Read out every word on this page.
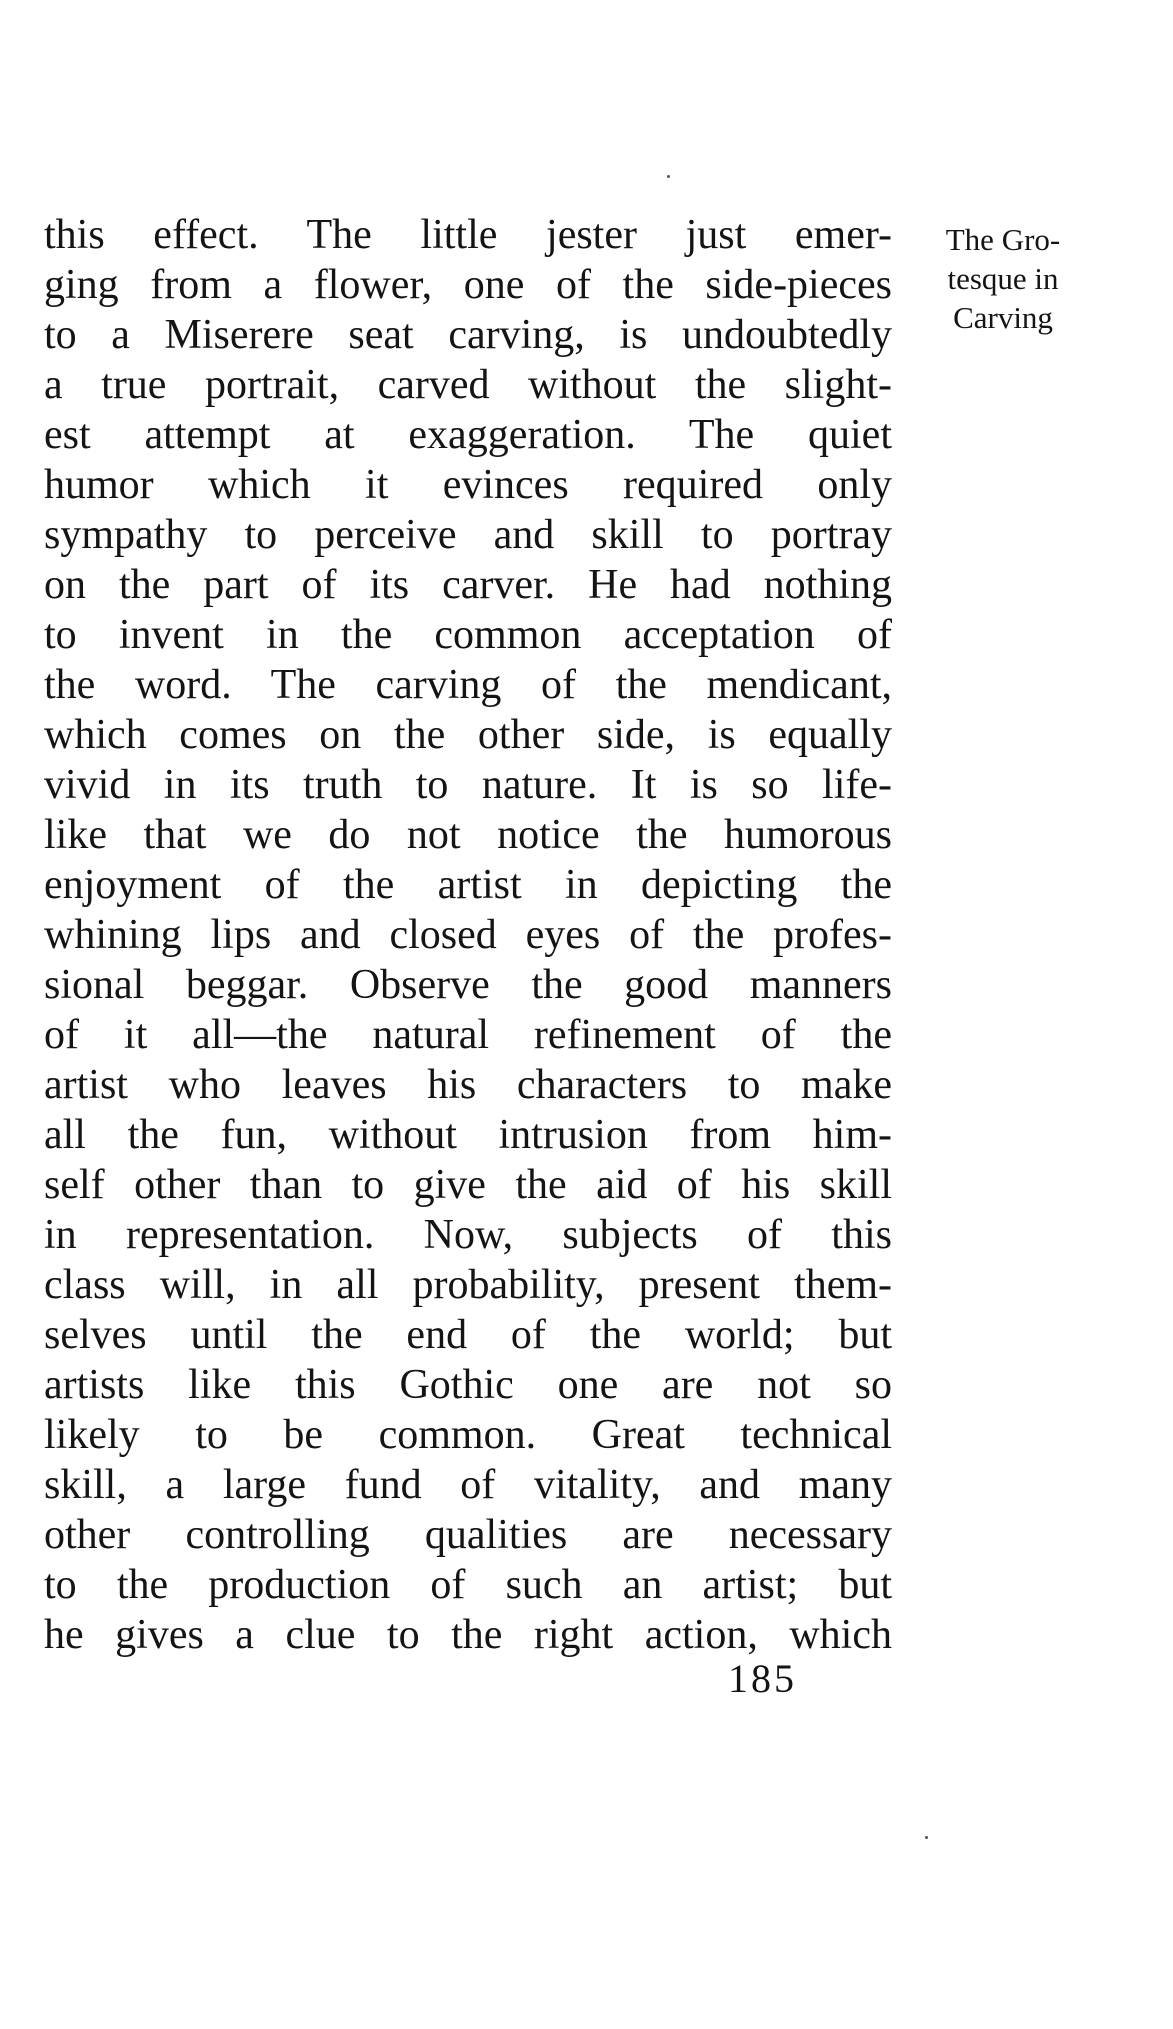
this effect. The little jester just emer-
ging from a flower, one of the side-pieces
to a Miserere seat carving, is undoubtedly
a true portrait, carved without the slight-
est attempt at exaggeration. The quiet
humor which it evinces required only
sympathy to perceive and skill to portray
on the part of its carver. He had nothing
to invent in the common acceptation of
the word. The carving of the mendicant,
which comes on the other side, is equally
vivid in its truth to nature. It is so life-
like that we do not notice the humorous
enjoyment of the artist in depicting the
whining lips and closed eyes of the profes-
sional beggar. Observe the good manners
of it all—the natural refinement of the
artist who leaves his characters to make
all the fun, without intrusion from him-
self other than to give the aid of his skill
in representation. Now, subjects of this
class will, in all probability, present them-
selves until the end of the world; but
artists like this Gothic one are not so
likely to be common. Great technical
skill, a large fund of vitality, and many
other controlling qualities are necessary
to the production of such an artist; but
he gives a clue to the right action, which
The Gro-
tesque in
Carving
185
